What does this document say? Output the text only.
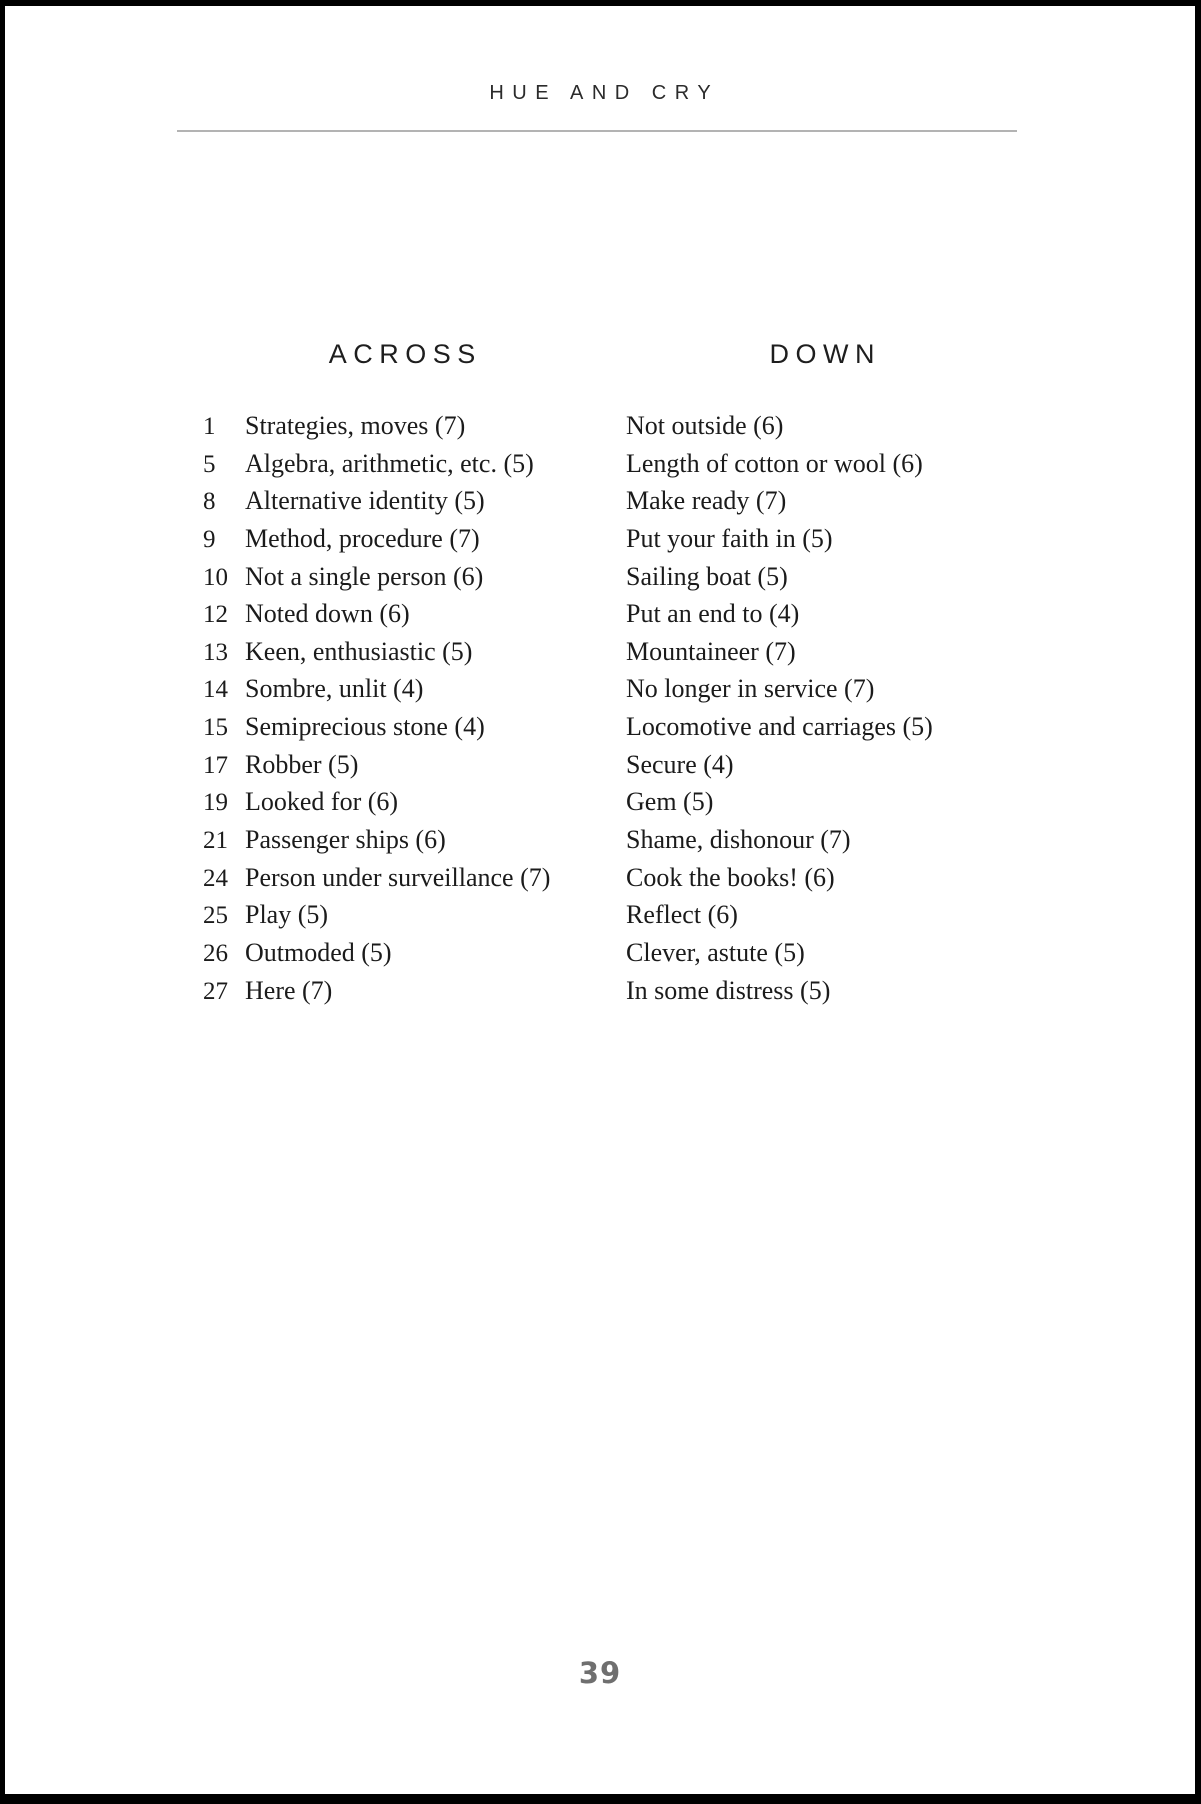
HUE AND CRY
ACROSS	DOWN
1 Strategies, moves (7)
5 Algebra, arithmetic, etc. (5)
8 Alternative identity (5)
9 Method, procedure (7)
10 Not a single person (6)
12 Noted down (6)
13 Keen, enthusiastic (5)
14 Sombre, unlit (4)
15 Semiprecious stone (4)
17 Robber (5)
19 Looked for (6)
21 Passenger ships (6)
24 Person under surveillance (7)
25 Play (5)
26 Outmoded (5)
27 Here (7)
Not outside (6)
Length of cotton or wool (6)
Make ready (7)
Put your faith in (5)
Sailing boat (5)
Put an end to (4)
Mountaineer (7)
No longer in service (7)
Locomotive and carriages (5)
Secure (4)
Gem (5)
Shame, dishonour (7)
Cook the books! (6)
Reflect (6)
Clever, astute (5)
In some distress (5)
39
